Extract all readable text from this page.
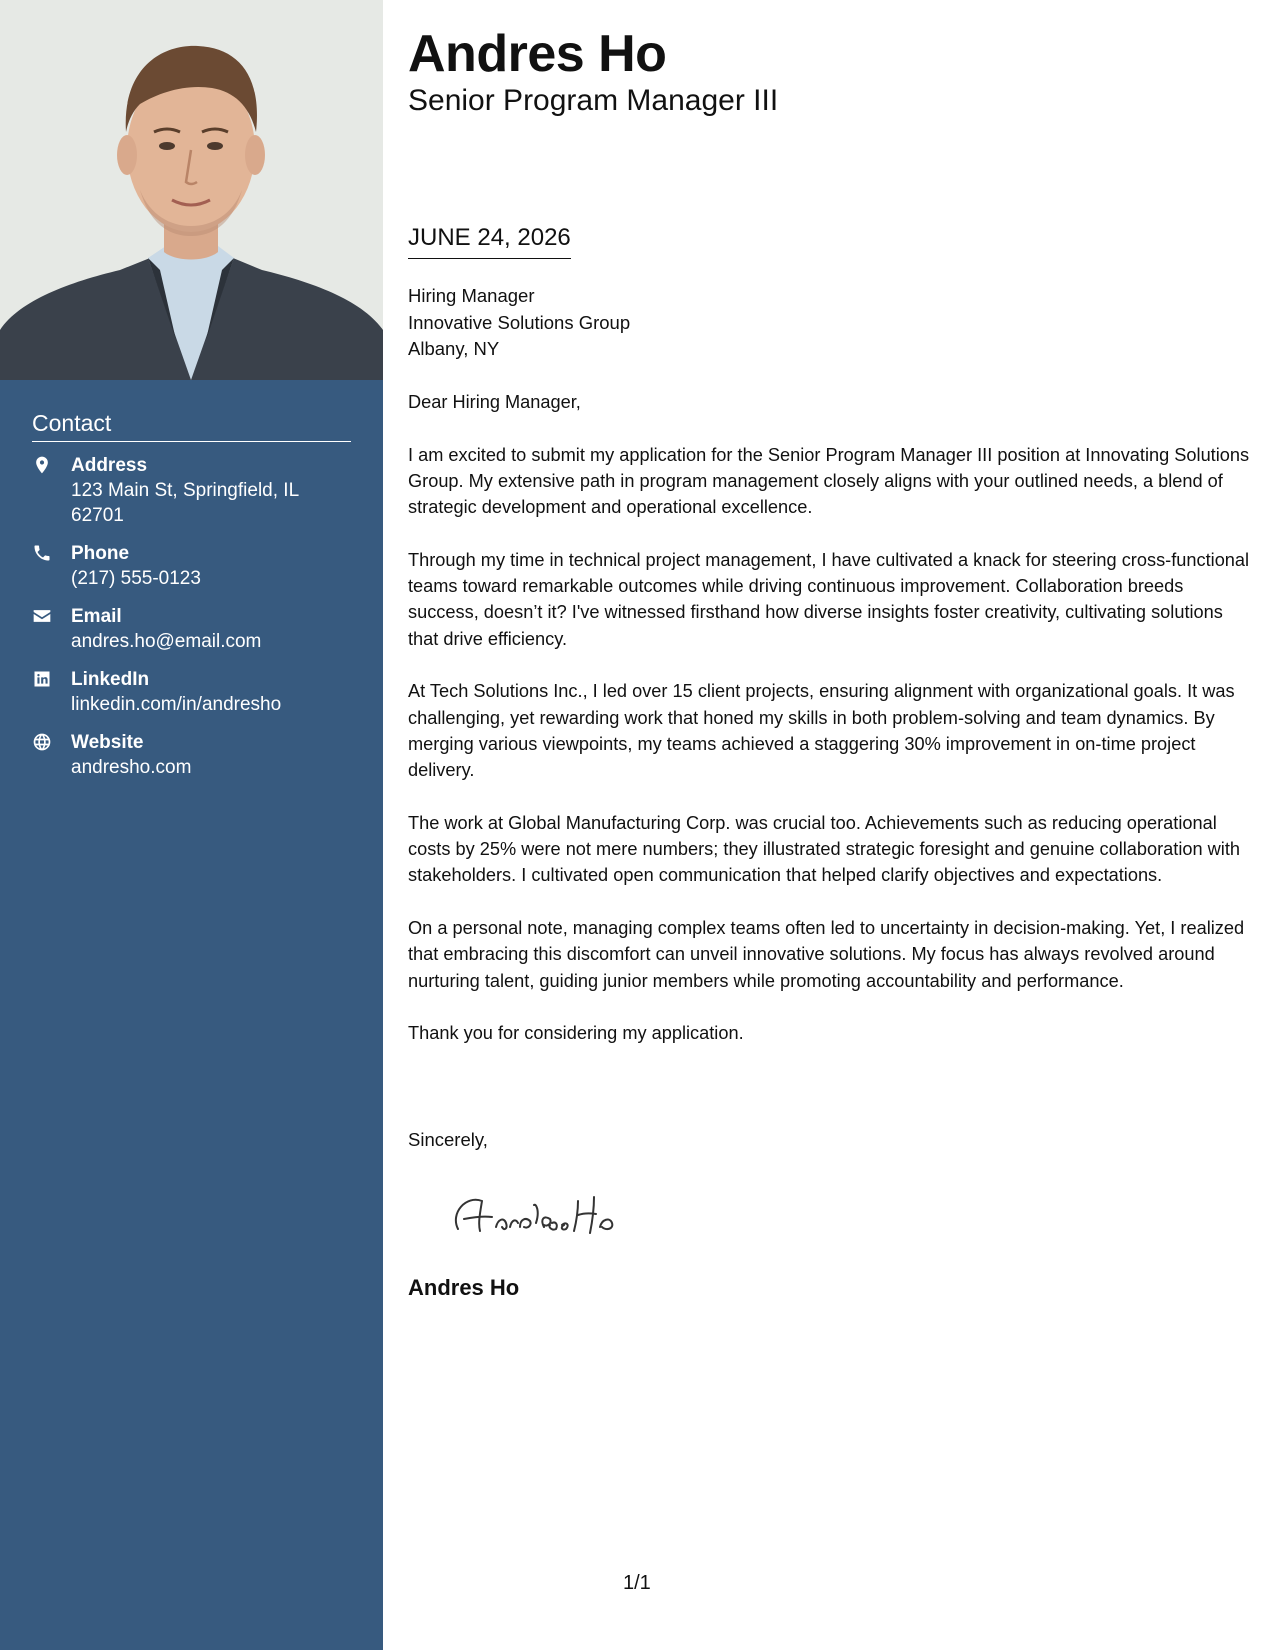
Contact
Address
123 Main St, Springfield, IL 62701
Phone
(217) 555-0123
Email
andres.ho@email.com
LinkedIn
linkedin.com/in/andresho
Website
andresho.com
Andres Ho
Senior Program Manager III
JUNE 24, 2026
Hiring Manager
Innovative Solutions Group
Albany, NY

Dear Hiring Manager,

I am excited to submit my application for the Senior Program Manager III position at Innovating Solutions Group. My extensive path in program management closely aligns with your outlined needs, a blend of strategic development and operational excellence.

Through my time in technical project management, I have cultivated a knack for steering cross-functional teams toward remarkable outcomes while driving continuous improvement. Collaboration breeds success, doesn’t it? I've witnessed firsthand how diverse insights foster creativity, cultivating solutions that drive efficiency.

At Tech Solutions Inc., I led over 15 client projects, ensuring alignment with organizational goals. It was challenging, yet rewarding work that honed my skills in both problem-solving and team dynamics. By merging various viewpoints, my teams achieved a staggering 30% improvement in on-time project delivery.

The work at Global Manufacturing Corp. was crucial too. Achievements such as reducing operational costs by 25% were not mere numbers; they illustrated strategic foresight and genuine collaboration with stakeholders. I cultivated open communication that helped clarify objectives and expectations.

On a personal note, managing complex teams often led to uncertainty in decision-making. Yet, I realized that embracing this discomfort can unveil innovative solutions. My focus has always revolved around nurturing talent, guiding junior members while promoting accountability and performance.

Thank you for considering my application.

Sincerely,
Andres Ho
1/1
